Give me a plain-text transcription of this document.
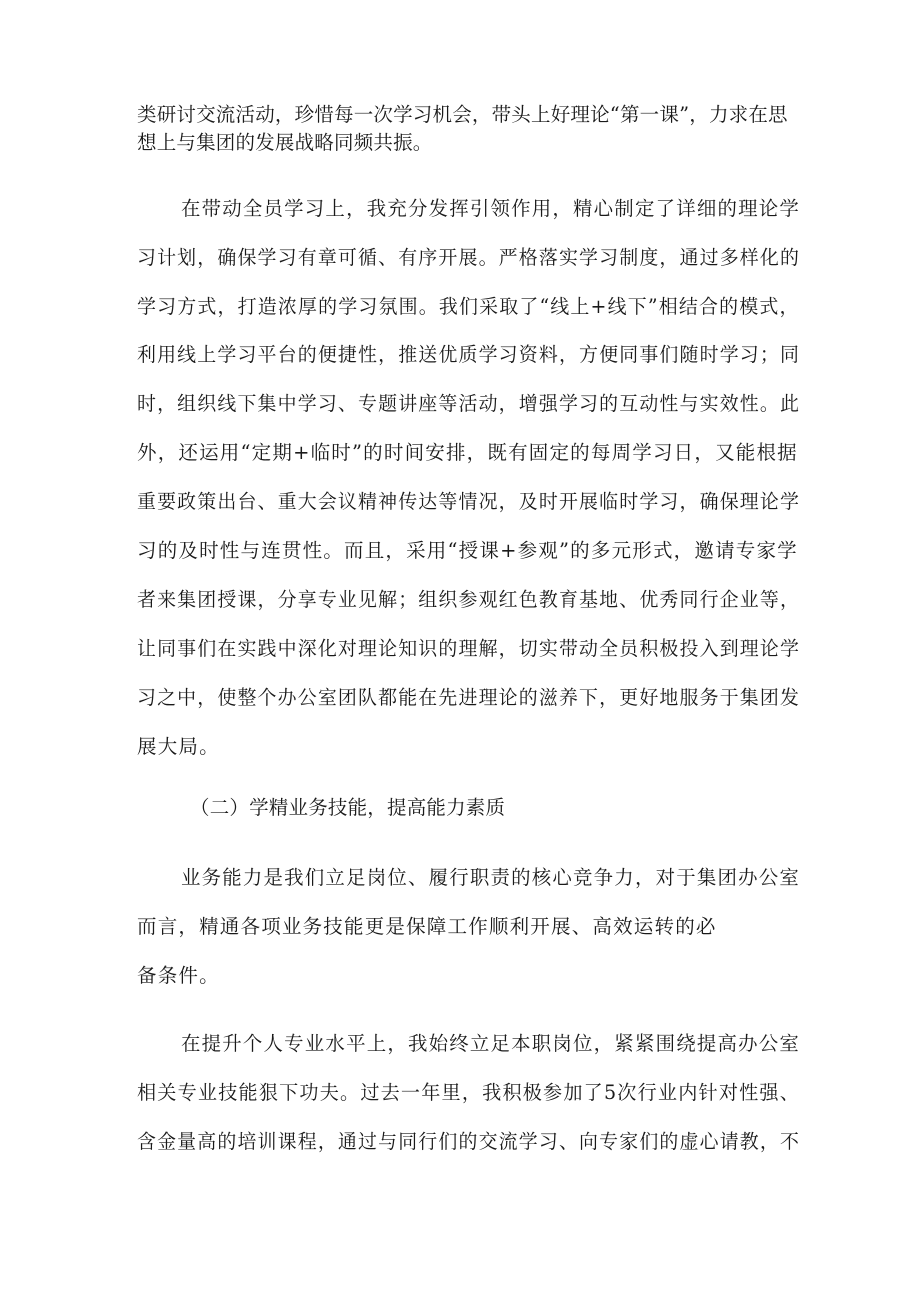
类研讨交流活动，珍惜每一次学习机会，带头上好理论“第一课”，力求在思
想上与集团的发展战略同频共振。
在带动全员学习上，我充分发挥引领作用，精心制定了详细的理论学
习计划，确保学习有章可循、有序开展。严格落实学习制度，通过多样化的
学习方式，打造浓厚的学习氛围。我们采取了“线上+线下”相结合的模式，
利用线上学习平台的便捷性，推送优质学习资料，方便同事们随时学习；同
时，组织线下集中学习、专题讲座等活动，增强学习的互动性与实效性。此
外，还运用“定期+临时”的时间安排，既有固定的每周学习日，又能根据
重要政策出台、重大会议精神传达等情况，及时开展临时学习，确保理论学
习的及时性与连贯性。而且，采用“授课+参观”的多元形式，邀请专家学
者来集团授课，分享专业见解；组织参观红色教育基地、优秀同行企业等，
让同事们在实践中深化对理论知识的理解，切实带动全员积极投入到理论学
习之中，使整个办公室团队都能在先进理论的滋养下，更好地服务于集团发
展大局。
（二）学精业务技能，提高能力素质
业务能力是我们立足岗位、履行职责的核心竞争力，对于集团办公室
而言，精通各项业务技能更是保障工作顺利开展、高效运转的必
备条件。
在提升个人专业水平上，我始终立足本职岗位，紧紧围绕提高办公室
相关专业技能狠下功夫。过去一年里，我积极参加了5次行业内针对性强、
含金量高的培训课程，通过与同行们的交流学习、向专家们的虚心请教，不
